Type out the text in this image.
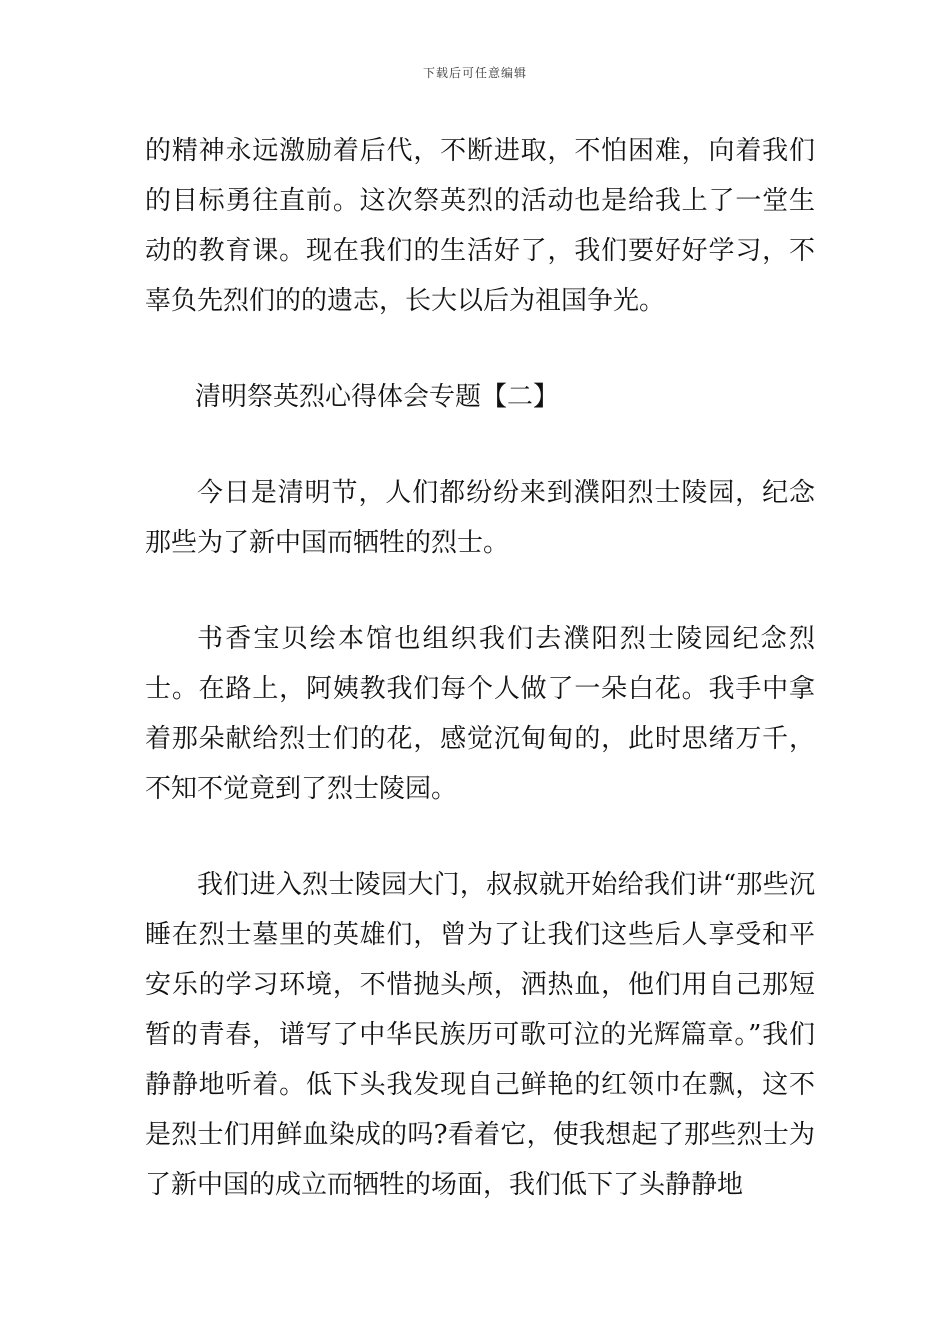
下载后可任意编辑

的精神永远激励着后代，不断进取，不怕困难，向着我们的目标勇往直前。这次祭英烈的活动也是给我上了一堂生动的教育课。现在我们的生活好了，我们要好好学习，不辜负先烈们的的遗志，长大以后为祖国争光。

清明祭英烈心得体会专题【二】

今日是清明节，人们都纷纷来到濮阳烈士陵园，纪念那些为了新中国而牺牲的烈士。

书香宝贝绘本馆也组织我们去濮阳烈士陵园纪念烈士。在路上，阿姨教我们每个人做了一朵白花。我手中拿着那朵献给烈士们的花，感觉沉甸甸的，此时思绪万千，不知不觉竟到了烈士陵园。

我们进入烈士陵园大门，叔叔就开始给我们讲“那些沉睡在烈士墓里的英雄们，曾为了让我们这些后人享受和平安乐的学习环境，不惜抛头颅，洒热血，他们用自己那短暂的青春，谱写了中华民族历可歌可泣的光辉篇章。”我们静静地听着。低下头我发现自己鲜艳的红领巾在飘，这不是烈士们用鲜血染成的吗?看着它，使我想起了那些烈士为了新中国的成立而牺牲的场面，我们低下了头静静地
